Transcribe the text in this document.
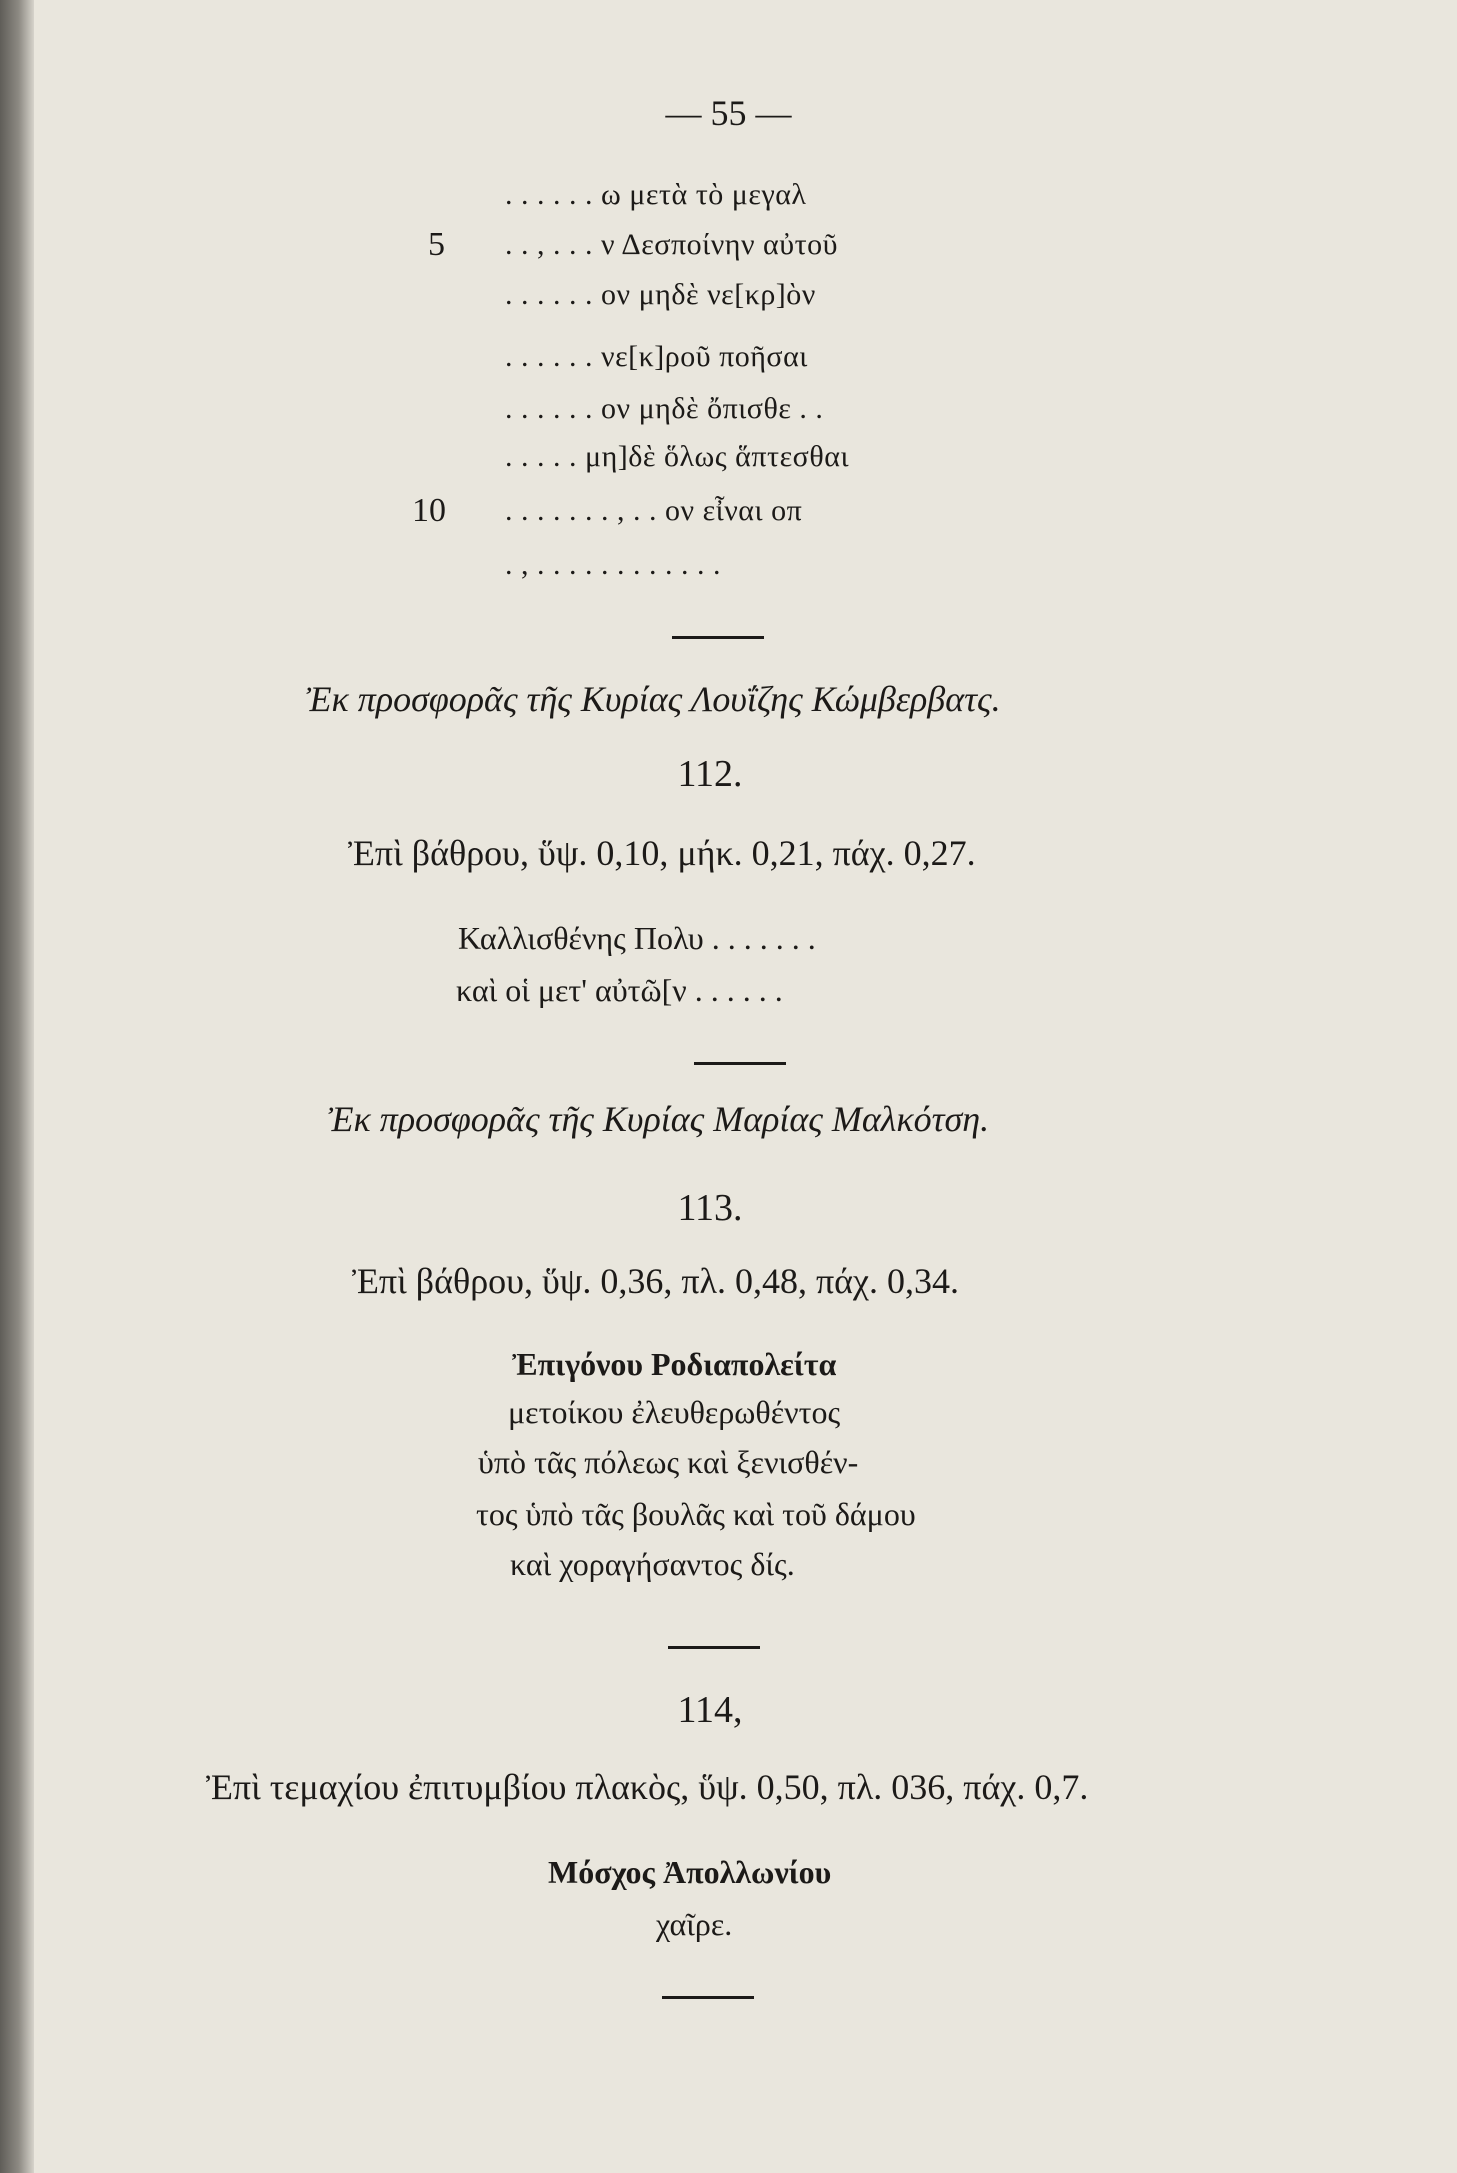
— 55 —
. . . . . . ω μετὰ τὸ μεγαλ
5 . . , . . . ν Δεσποίνην αὐτοῦ
. . . . . . ον μηδὲ νε[κρ]ὸν
. . . . . . νε[κ]ροῦ ποῆσαι
. . . . . . ον μηδὲ ὄπισθε . .
. . . . . μη]δὲ ὅλως ἅπτεσθαι
10 . . . . . . . , . . ον εἶναι οπ
. , . . . . . . . . . . . .
Ἐκ προσφορᾶς τῆς Κυρίας Λουΐζης Κώμβερβατς.
112.
Ἐπὶ βάθρου, ὕψ. 0,10, μήκ. 0,21, πάχ. 0,27.
Καλλισθένης Πολυ . . . . . . .
καὶ οἱ μετ' αὐτῶ[ν . . . . . .
Ἐκ προσφορᾶς τῆς Κυρίας Μαρίας Μαλκότση.
113.
Ἐπὶ βάθρου, ὕψ. 0,36, πλ. 0,48, πάχ. 0,34.
Ἐπιγόνου Ροδιαπολείτα
μετοίκου ἐλευθερωθέντος
ὑπὸ τᾶς πόλεως καὶ ξενισθέν-
τος ὑπὸ τᾶς βουλᾶς καὶ τοῦ δάμου
καὶ χοραγήσαντος δίς.
114,
Ἐπὶ τεμαχίου ἐπιτυμβίου πλακὸς, ὕψ. 0,50, πλ. 036, πάχ. 0,7.
Μόσχος Ἀπολλωνίου
χαῖρε.
